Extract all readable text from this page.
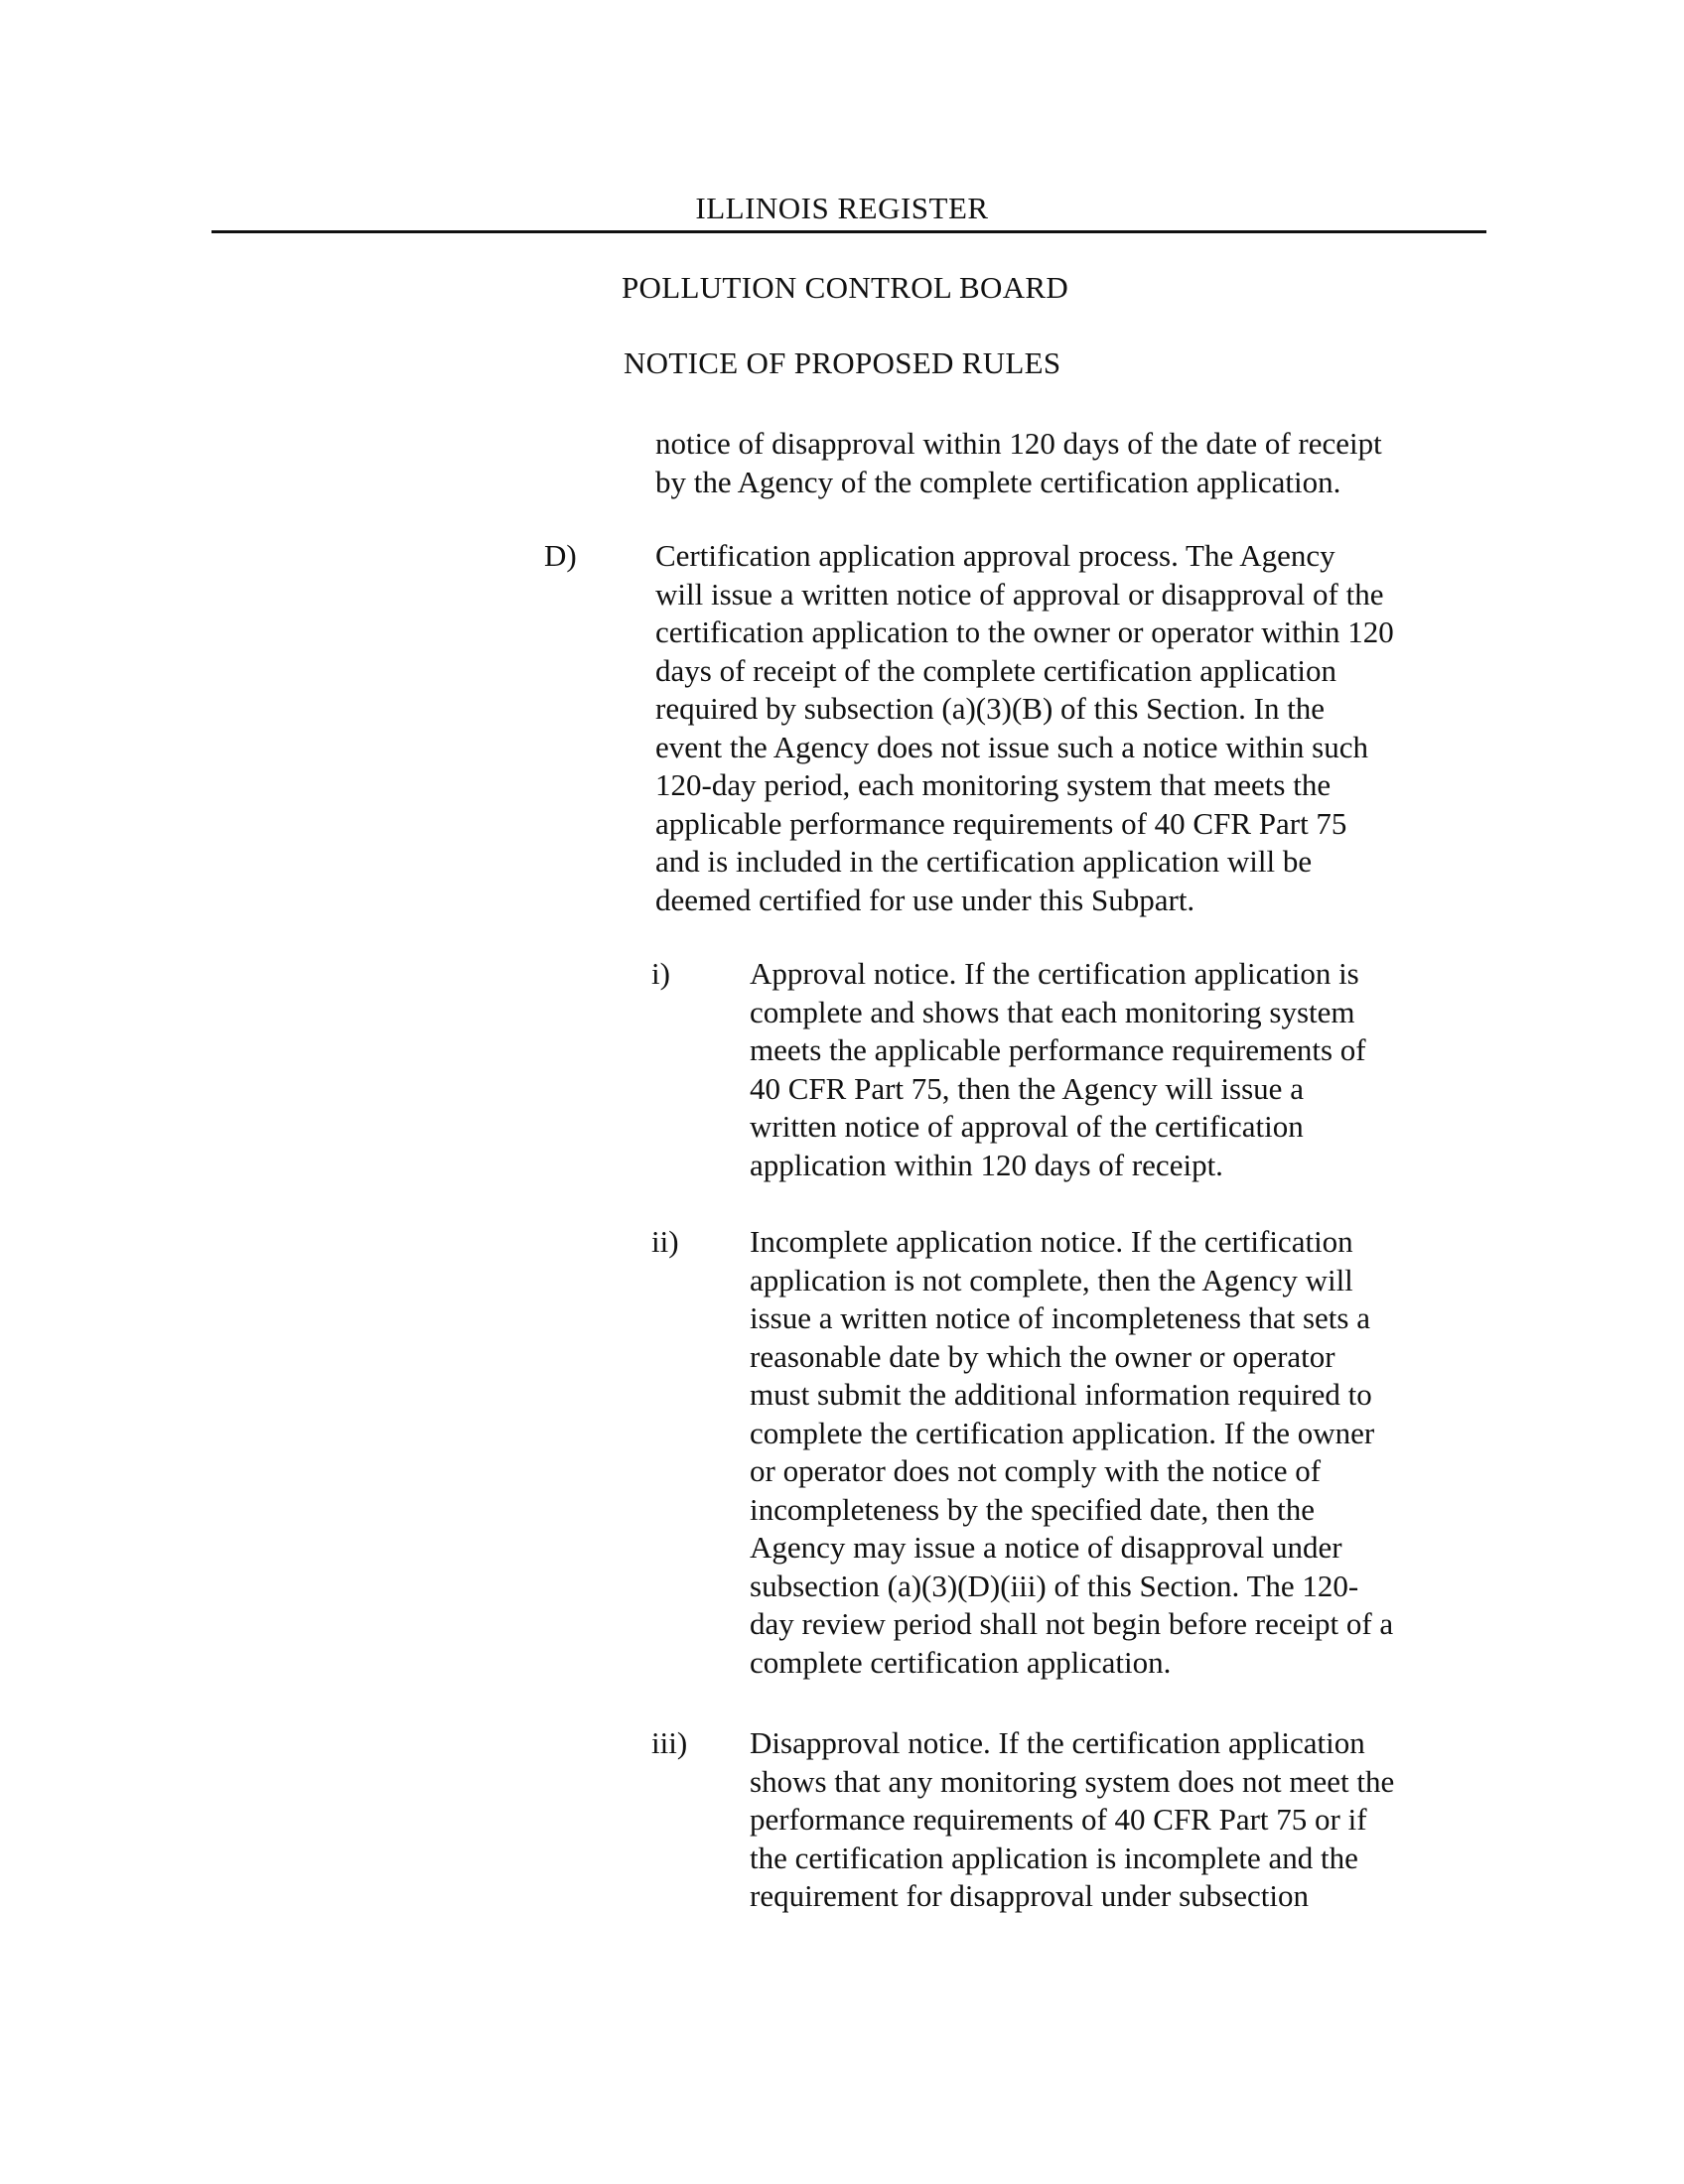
ILLINOIS REGISTER
POLLUTION CONTROL BOARD
NOTICE OF PROPOSED RULES
notice of disapproval within 120 days of the date of receipt
by the Agency of the complete certification application.
D)	Certification application approval process. The Agency
will issue a written notice of approval or disapproval of the
certification application to the owner or operator within 120
days of receipt of the complete certification application
required by subsection (a)(3)(B) of this Section. In the
event the Agency does not issue such a notice within such
120-day period, each monitoring system that meets the
applicable performance requirements of 40 CFR Part 75
and is included in the certification application will be
deemed certified for use under this Subpart.
i)	Approval notice. If the certification application is
complete and shows that each monitoring system
meets the applicable performance requirements of
40 CFR Part 75, then the Agency will issue a
written notice of approval of the certification
application within 120 days of receipt.
ii) Incomplete application notice. If the certification
application is not complete, then the Agency will
issue a written notice of incompleteness that sets a
reasonable date by which the owner or operator
must submit the additional information required to
complete the certification application. If the owner
or operator does not comply with the notice of
incompleteness by the specified date, then the
Agency may issue a notice of disapproval under
subsection (a)(3)(D)(iii) of this Section. The 120-
day review period shall not begin before receipt of a
complete certification application.
iii) Disapproval notice. If the certification application
shows that any monitoring system does not meet the
performance requirements of 40 CFR Part 75 or if
the certification application is incomplete and the
requirement for disapproval under subsection
